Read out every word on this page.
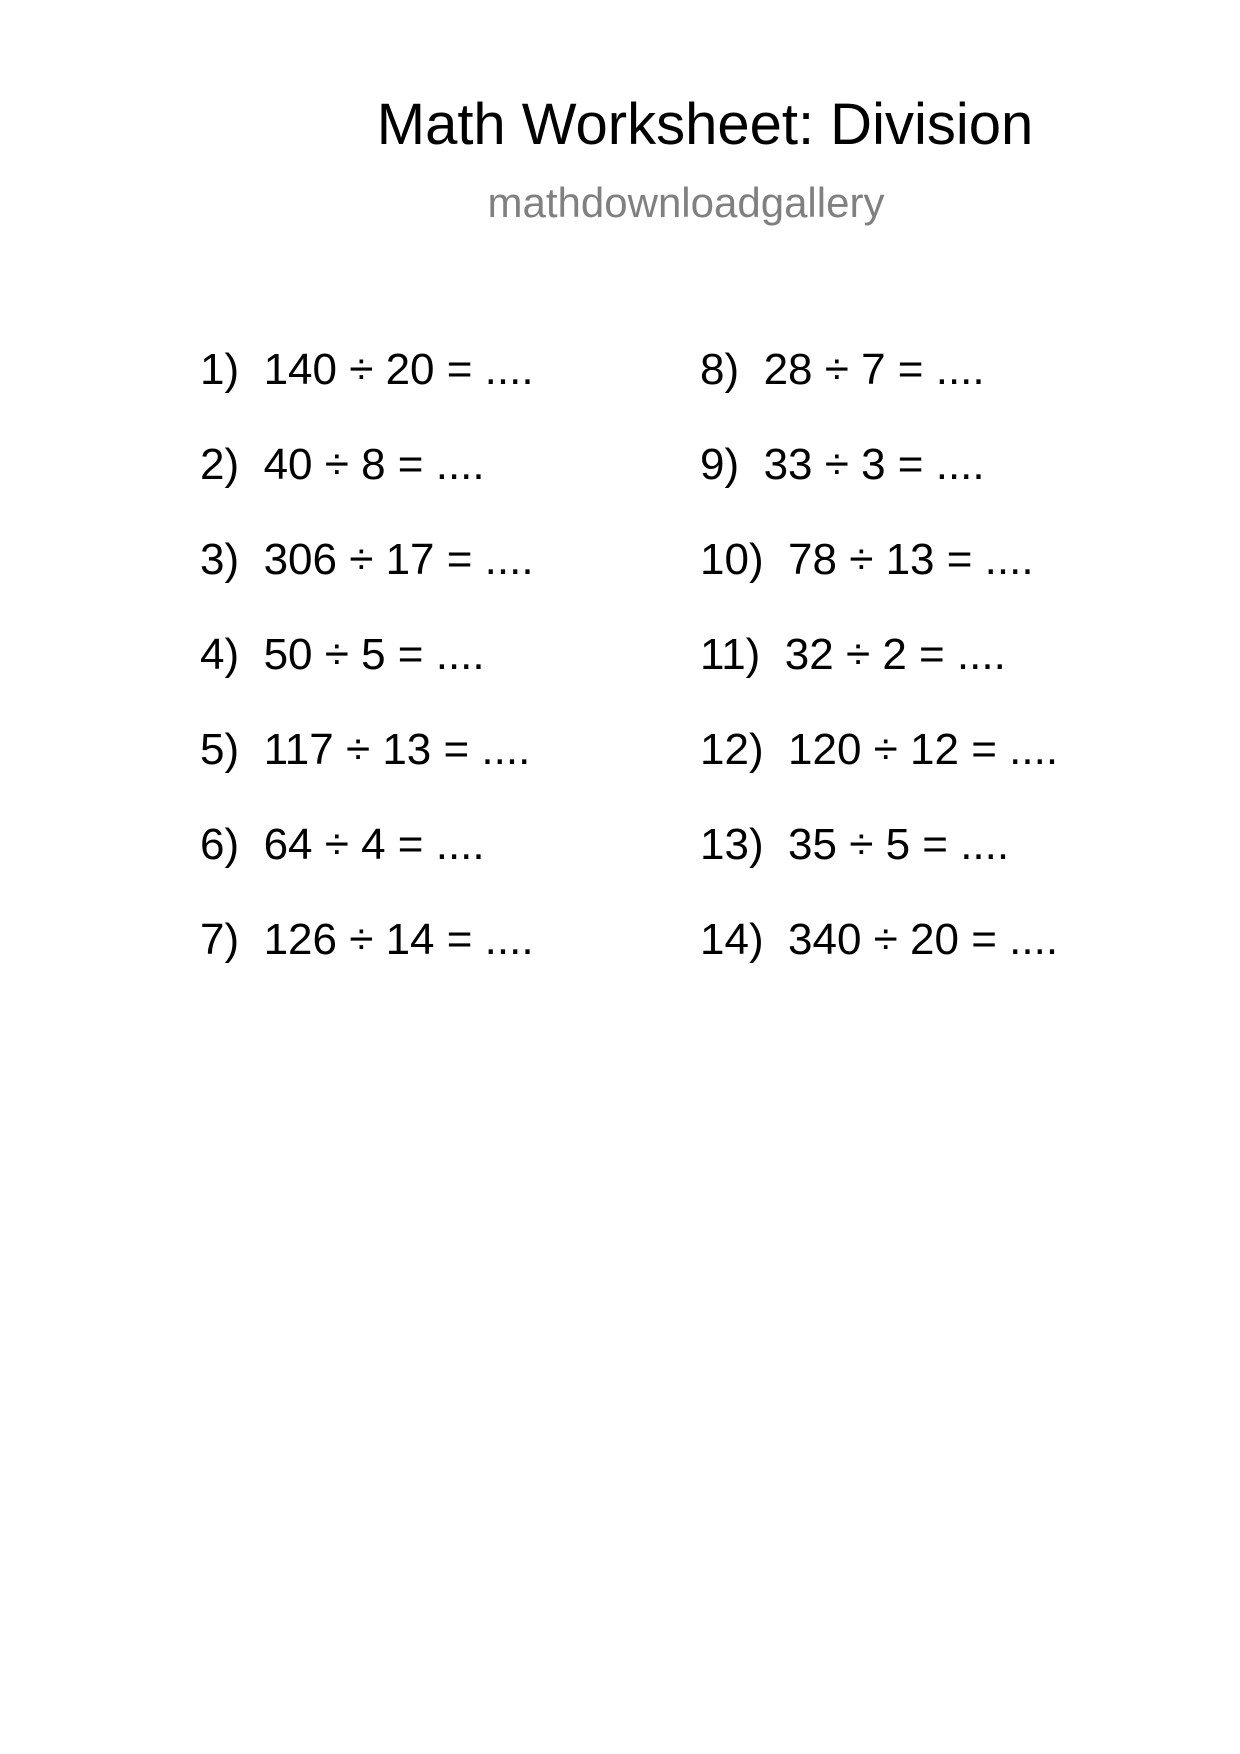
Math Worksheet: Division
mathdownloadgallery
1)  140 ÷ 20 = ....
2)  40 ÷ 8 = ....
3)  306 ÷ 17 = ....
4)  50 ÷ 5 = ....
5)  117 ÷ 13 = ....
6)  64 ÷ 4 = ....
7)  126 ÷ 14 = ....
8)  28 ÷ 7 = ....
9)  33 ÷ 3 = ....
10)  78 ÷ 13 = ....
11)  32 ÷ 2 = ....
12)  120 ÷ 12 = ....
13)  35 ÷ 5 = ....
14)  340 ÷ 20 = ....
